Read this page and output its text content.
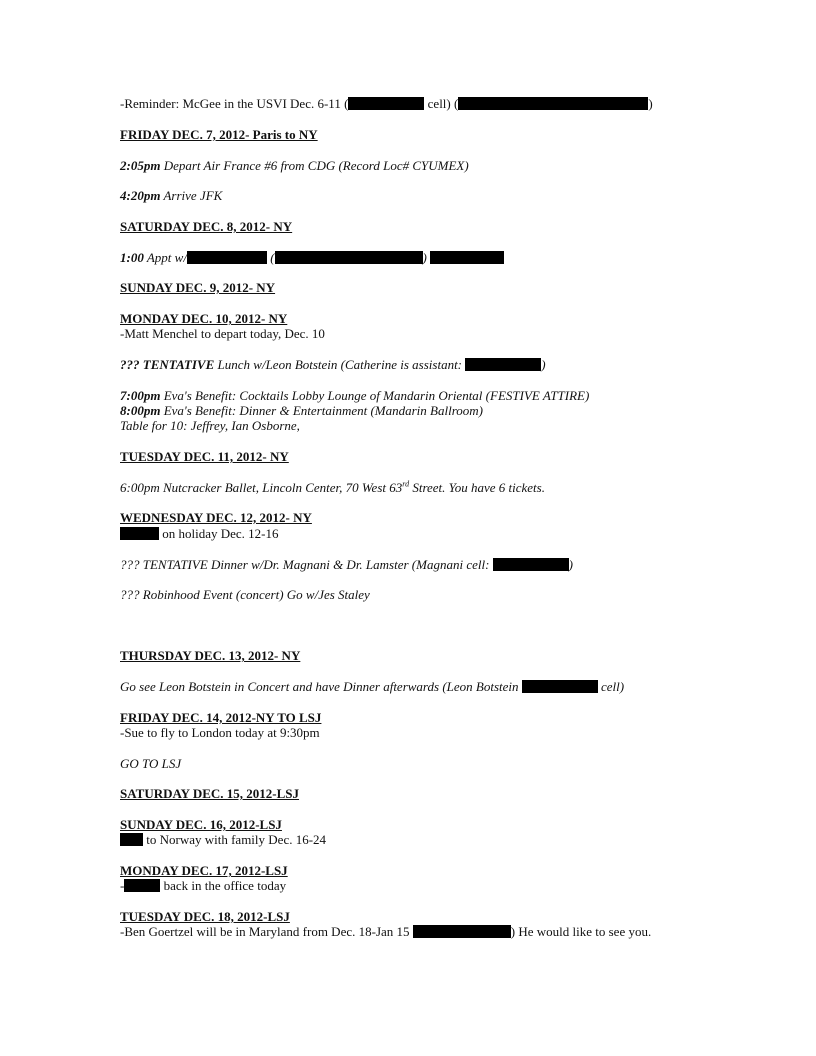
-Reminder: McGee in the USVI Dec. 6-11 (	cell) (	)
FRIDAY DEC. 7, 2012- Paris to NY
2:05pm Depart Air France #6 from CDG (Record Loc# CYUMEX)
4:20pm Arrive JFK
SATURDAY DEC. 8, 2012- NY
1:00 Appt w/	(	)
SUNDAY DEC. 9, 2012- NY
MONDAY DEC. 10, 2012- NY
-Matt Menchel to depart today, Dec. 10
??? TENTATIVE Lunch w/Leon Botstein (Catherine is assistant:	)
7:00pm Eva's Benefit: Cocktails Lobby Lounge of Mandarin Oriental (FESTIVE ATTIRE)
8:00pm Eva's Benefit: Dinner & Entertainment (Mandarin Ballroom)
Table for 10: Jeffrey, Ian Osborne,
TUESDAY DEC. 11, 2012- NY
6:00pm Nutcracker Ballet, Lincoln Center, 70 West 63rd Street. You have 6 tickets.
WEDNESDAY DEC. 12, 2012- NY
on holiday Dec. 12-16
??? TENTATIVE Dinner w/Dr. Magnani & Dr. Lamster (Magnani cell:	)
??? Robinhood Event (concert) Go w/Jes Staley
THURSDAY DEC. 13, 2012- NY
Go see Leon Botstein in Concert and have Dinner afterwards (Leon Botstein	cell)
FRIDAY DEC. 14, 2012-NY TO LSJ
-Sue to fly to London today at 9:30pm
GO TO LSJ
SATURDAY DEC. 15, 2012-LSJ
SUNDAY DEC. 16, 2012-LSJ
to Norway with family Dec. 16-24
MONDAY DEC. 17, 2012-LSJ
-	back in the office today
TUESDAY DEC. 18, 2012-LSJ
-Ben Goertzel will be in Maryland from Dec. 18-Jan 15	) He would like to see you.
